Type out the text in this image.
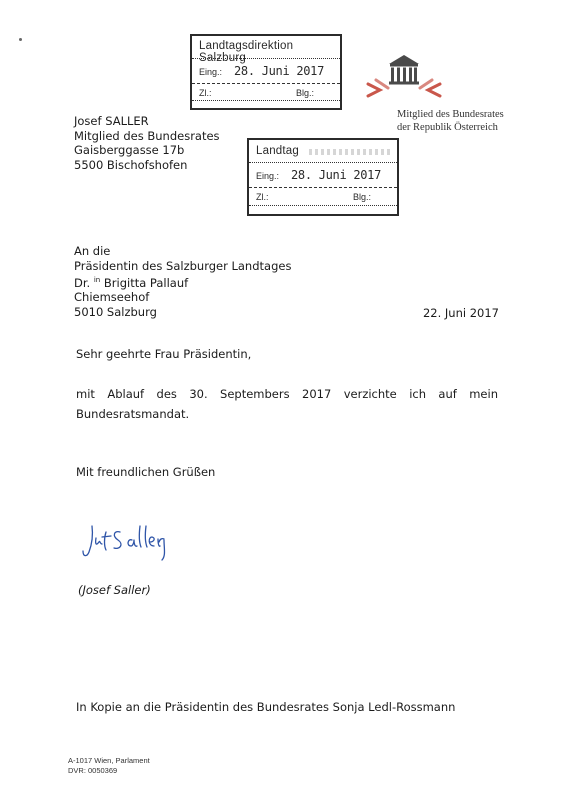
Landtagsdirektion Salzburg
Eing.: 28. Juni 2017
Zl.:	Blg.:
Mitglied des Bundesrates
der Republik Österreich
Josef SALLER
Mitglied des Bundesrates
Gaisberggasse 17b
5500 Bischofshofen
Landtag
Eing.: 28. Juni 2017
Zl.:	Blg.:
An die
Präsidentin des Salzburger Landtages
Dr. $^{in}$ Brigitta Pallauf
Chiemseehof
5010 Salzburg	22. Juni 2017
Sehr geehrte Frau Präsidentin,
mit Ablauf des 30. Septembers 2017 verzichte ich auf mein
Bundesratsmandat.
Mit freundlichen Grüßen
(Josef Saller)
In Kopie an die Präsidentin des Bundesrates Sonja Ledl-Rossmann
A-1017 Wien, Parlament
DVR: 0050369
